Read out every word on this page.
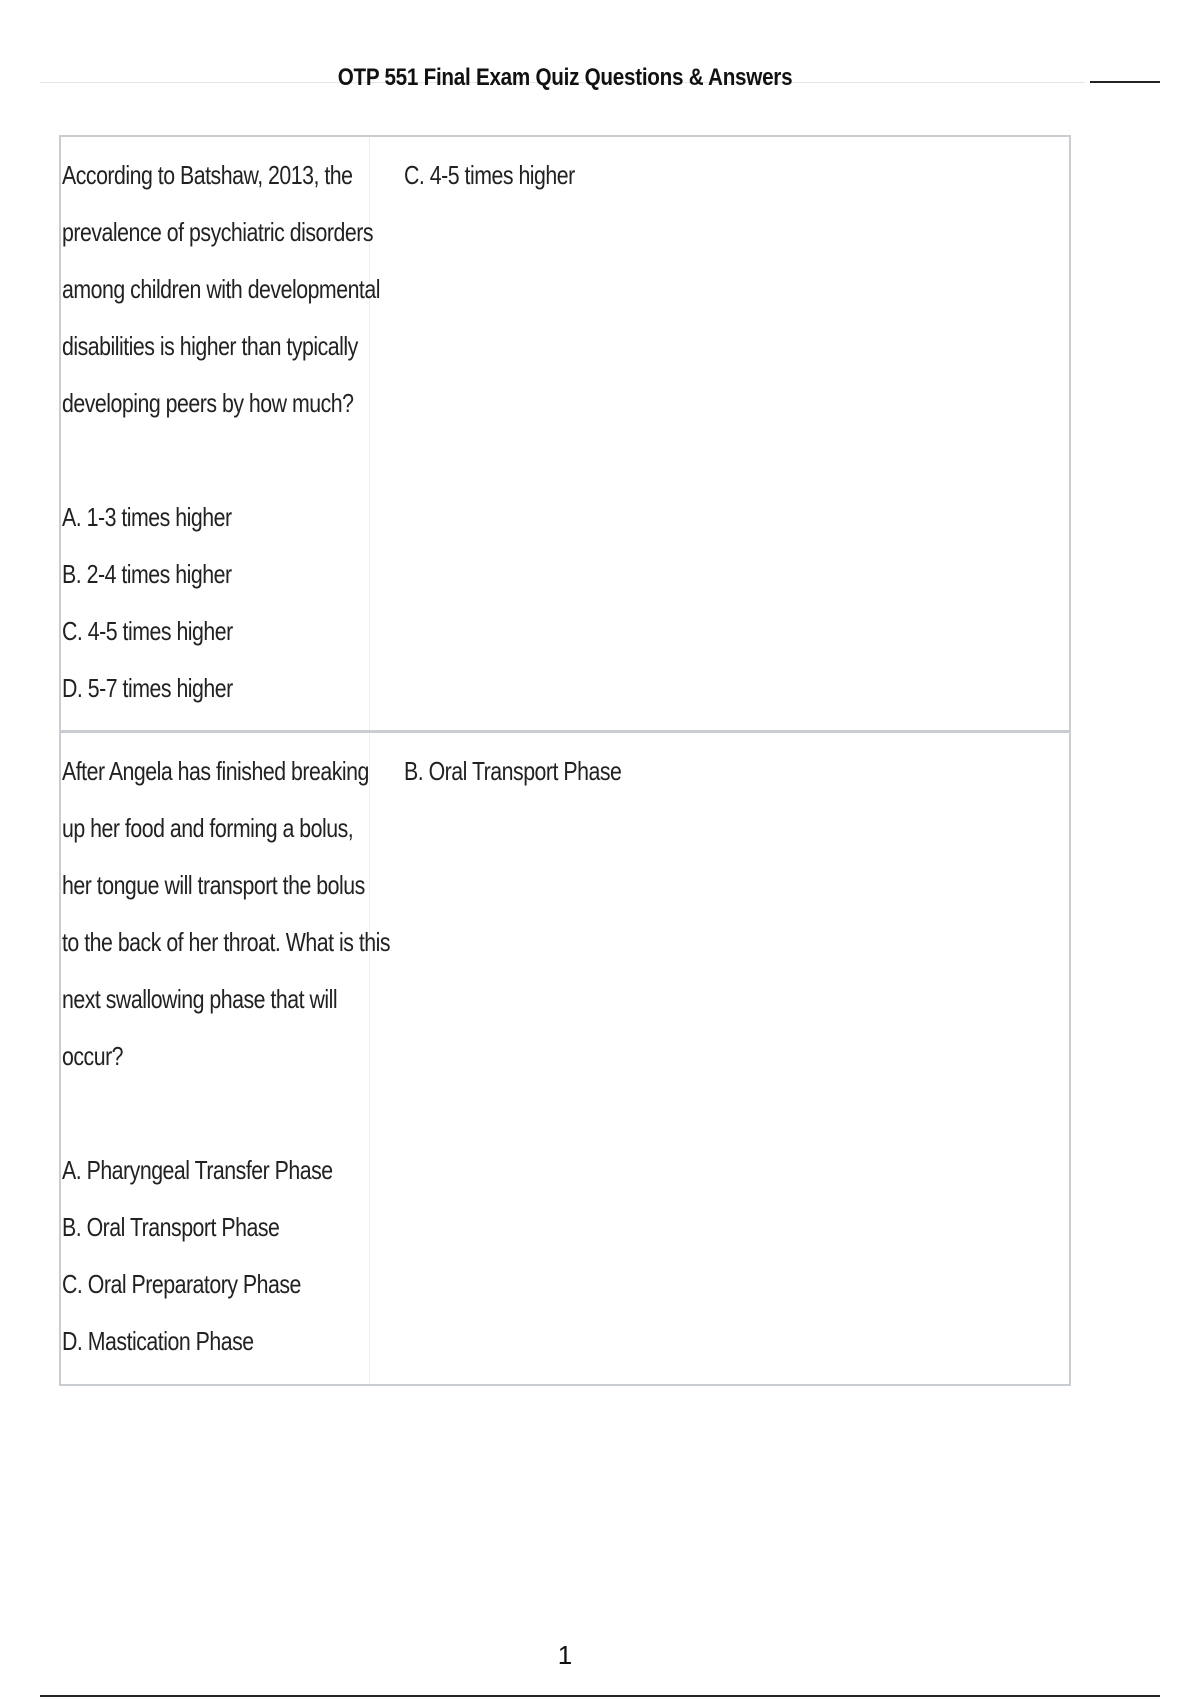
OTP 551 Final Exam Quiz Questions & Answers
According to Batshaw, 2013, the
prevalence of psychiatric disorders
among children with developmental
disabilities is higher than typically
developing peers by how much?
A. 1-3 times higher
B. 2-4 times higher
C. 4-5 times higher
D. 5-7 times higher
C. 4-5 times higher
After Angela has finished breaking
up her food and forming a bolus,
her tongue will transport the bolus
to the back of her throat. What is this
next swallowing phase that will
occur?
A. Pharyngeal Transfer Phase
B. Oral Transport Phase
C. Oral Preparatory Phase
D. Mastication Phase
B. Oral Transport Phase
1
